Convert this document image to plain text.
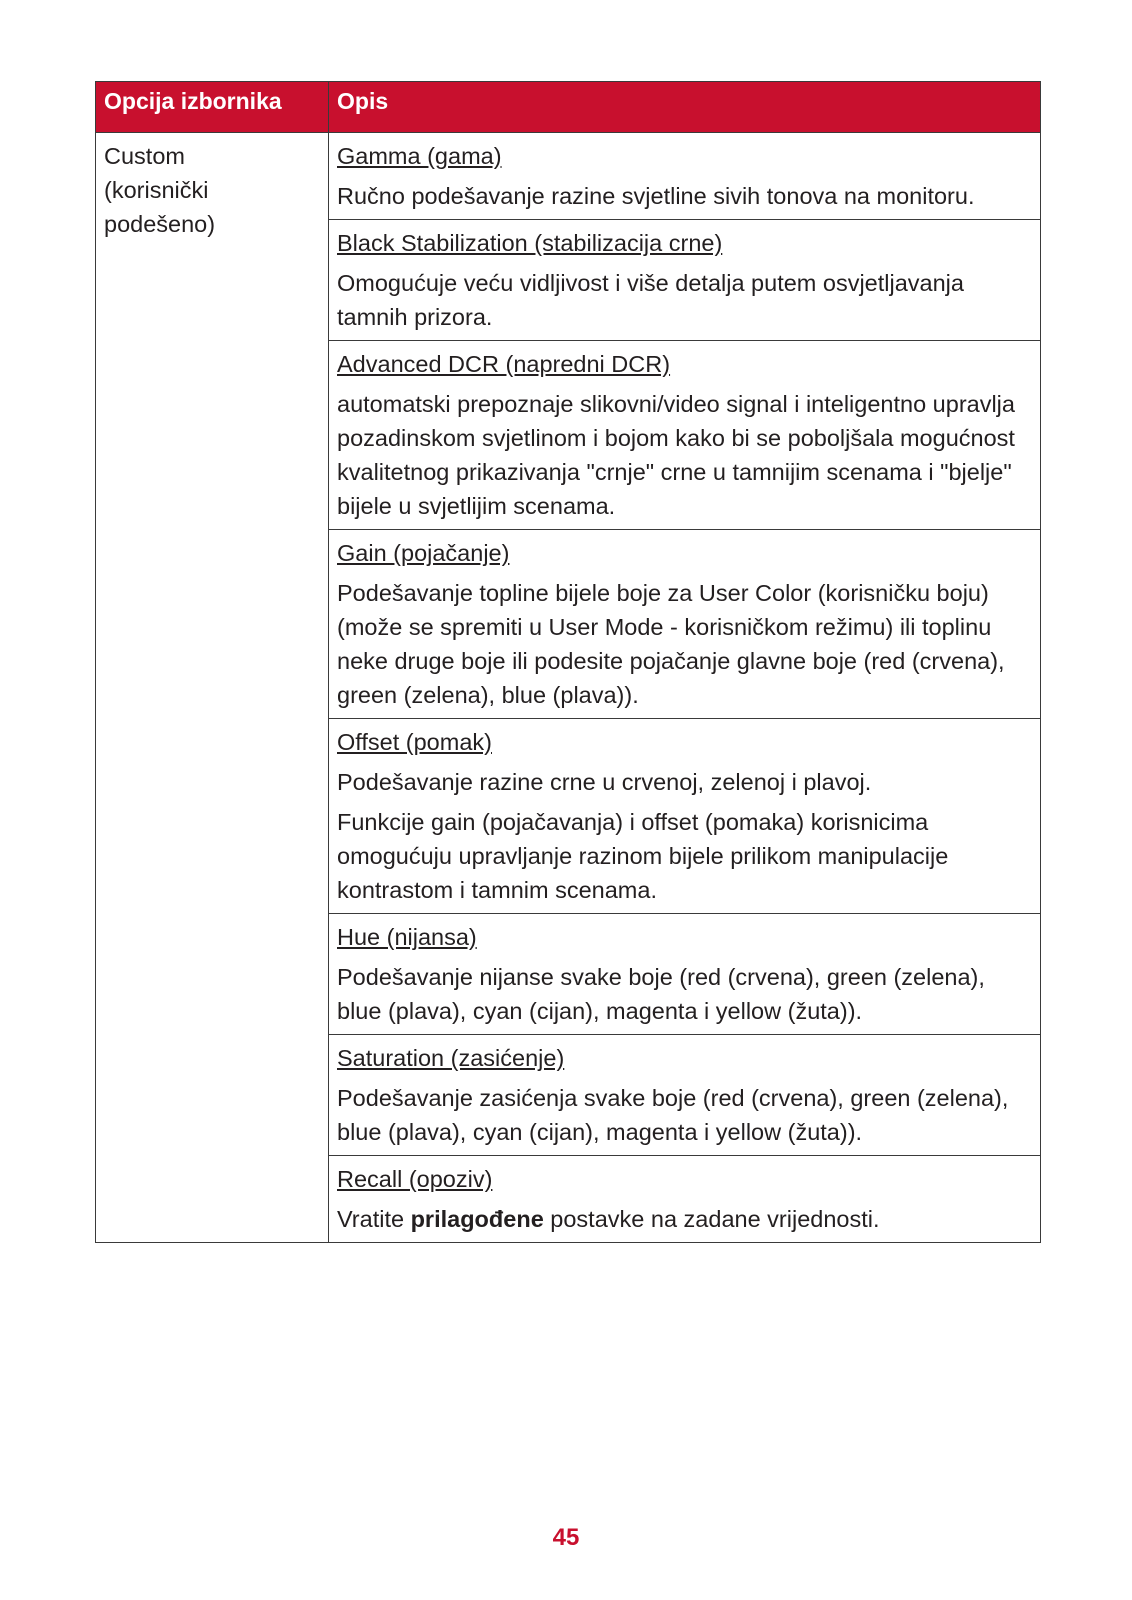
Opcija izbornika	Opis
Custom
(korisnički
podešeno)	Gamma (gama)
Ručno podešavanje razine svjetline sivih tonova na monitoru.

	Black Stabilization (stabilizacija crne)
Omogućuje veću vidljivost i više detalja putem osvjetljavanja tamnih prizora.

	Advanced DCR (napredni DCR)
automatski prepoznaje slikovni/video signal i inteligentno upravlja pozadinskom svjetlinom i bojom kako bi se poboljšala mogućnost kvalitetnog prikazivanja "crnje" crne u tamnijim scenama i "bjelje" bijele u svjetlijim scenama.

	Gain (pojačanje)
Podešavanje topline bijele boje za User Color (korisničku boju) (može se spremiti u User Mode - korisničkom režimu) ili toplinu neke druge boje ili podesite pojačanje glavne boje (red (crvena), green (zelena), blue (plava)).

	Offset (pomak)
Podešavanje razine crne u crvenoj, zelenoj i plavoj.
Funkcije gain (pojačavanja) i offset (pomaka) korisnicima omogućuju upravljanje razinom bijele prilikom manipulacije kontrastom i tamnim scenama.

	Hue (nijansa)
Podešavanje nijanse svake boje (red (crvena), green (zelena), blue (plava), cyan (cijan), magenta i yellow (žuta)).

	Saturation (zasićenje)
Podešavanje zasićenja svake boje (red (crvena), green (zelena), blue (plava), cyan (cijan), magenta i yellow (žuta)).

	Recall (opoziv)
Vratite prilagođene postavke na zadane vrijednosti.
45
